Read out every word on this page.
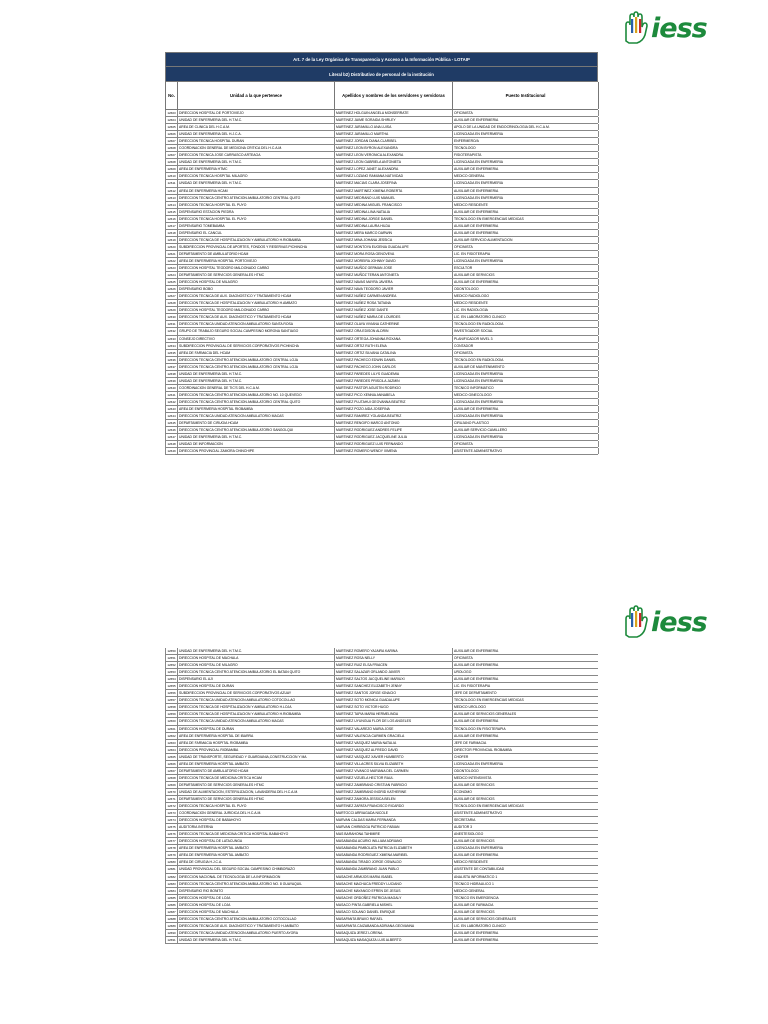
iess
Art. 7 de la Ley Orgánica de Transparencia y Acceso a la Información Pública - LOTAIP
Literal b2) Distributivo de personal de la institución
No.	Unidad a la que pertenece	Apellidos y nombres de los servidores y servidoras	Puesto Institucional
12603 DIRECCION HOSPITAL DE PORTOVIEJO	MARTINEZ HOLGUIN ANGELA MONSERRATE	OFICINISTA
12604 UNIDAD DE ENFERMERIA DEL H.T.M.C.	MARTINEZ JAIME SORAIDA SHIRLEY	AUXILIAR DE ENFERMERIA
12605 AREA DE CLINICA DEL H.C.A.M.	MARTINEZ JARAMILLO ANA LUISA	APOLO DE LA UNIDAD DE ENDOCRINOLOGIA DEL H.C.A.M.
12606 UNIDAD DE ENFERMERIA DEL H.J.C.A.	MARTINEZ JARAMILLO MARTHA	LICENCIADA EN ENFERMERIA
12607 DIRECCION TECNICA HOSPITAL DURAN	MARTINEZ JORDAN DIANA CLARIBEL	ENFERMERO/A
12608 COORDINACION GENERAL DE MEDICINA CRITICA DEL H.C.A.M.	MARTINEZ LEON BYRON ALEXANDRA	TECNOLOGO
12607 DIRECCION TECNICA JOSE CARRASCO ARTEAGA	MARTINEZ LEON VERONICA ALEXANDRA	FISIOTERAPISTA
12608 UNIDAD DE ENFERMERIA DEL H.T.M.C.	MARTINEZ LEON GABRIELA ANTONIETA	LICENCIADA EN ENFERMERIA
12609 AREA DE ENFERMERIA HTMC	MARTINEZ LOPEZ JANET ALEXANDRA	AUXILIAR DE ENFERMERIA
12610 DIRECCION TECNICA HOSPITAL MILAGRO	MARTINEZ LOZANO RAMIANA NATIVIDAD	MEDICO GENERAL
12611	UNIDAD DE ENFERMERIA DEL H.T.M.C.	MARTINEZ MACIAS CLARA JOSEFINA	LICENCIADA EN ENFERMERIA
12612 AREA DE ENFERMERIA HCAM	MARTINEZ MARTINEZ XIMENA ROBERTA	AUXILIAR DE ENFERMERIA
12613 DIRECCION TECNICA CENTRO ATENCION AMBULATORIO CENTRAL QUITO	MARTINEZ MEDRANO LUIS MANUEL	LICENCIADA EN ENFERMERIA
12614 DIRECCION TECNICA HOSPITAL EL PUYO	MARTINEZ MEDINA MIGUEL FRANCISCO	MEDICO RESIDENTE
12615 DISPENSARIO ESTACION PIEDRA	MARTINEZ MEDINA LINA NATALIA	AUXILIAR DE ENFERMERIA
12616 DIRECCION TECNICA HOSPITAL EL PUYO	MARTINEZ MEDINA JORGE DANIEL	TECNOLOGO EN EMERGENCIAS MEDICAS
12617 DISPENSARIO TOMEBAMBA	MARTINEZ MEDINA LAURA HILDA	AUXILIAR DE ENFERMERIA
12618 DISPENSARIO EL CANCUL	MARTINEZ MERA MARCO DARWIN	AUXILIAR DE ENFERMERIA
12619 DIRECCION TECNICA DE HOSPITALIZACION Y AMBULATORIO H.RIOBAMBA	MARTINEZ MINA JOHANA JESSICA	AUXILIAR SERVICIO ALIMENTACION
12620 SUBDIRECCION PROVINCIAL DE APORTES, FONDOS Y RESERVAS PICHINCHA	MARTINEZ MONTOYA EUGENIA GUADALUPE	OFICINISTA
12621 DEPARTAMENTO DE AMBULATORIO HCAM	MARTINEZ MORA ROSA GENOVEVA	LIC. EN FISIOTERAPIA
12622 AREA DE ENFERMERIA HOSPITAL PORTOVIEJO	MARTINEZ MOREIRA JOHNNY DAVID	LICENCIADA EN ENFERMERIA
12623 DIRECCION HOSPITAL TEODORO MALDONADO CARBO	MARTINEZ MUÑOZ GERMAN JOSE	ESCULTOR
12624 DEPARTAMENTO DE SERVICIOS GENERALES HTMC	MARTINEZ MUÑOZ TERAN ANTONIETA	AUXILIAR DE SERVICIOS
12625 DIRECCION HOSPITAL DE MILAGRO	MARTINEZ NAVAS MAYRA JAVIERA	AUXILIAR DE ENFERMERIA
12626 DISPENSARIO BOBO	MARTINEZ NAVA TEODORO JAVIER	ODONTOLOGO
12627 DIRECCION TECNICA DE AUX. DIAGNOSTICO Y TRATAMIENTO HCAM	MARTINEZ NUÑEZ CARMEN ANDREA	MEDICO RADIOLOGO
12628 DIRECCION TECNICA DE HOSPITALIZACION Y AMBULATORIO H.AMBATO	MARTINEZ NUÑEZ ROSA TATIANA	MEDICO RESIDENTE
12629 DIRECCION HOSPITAL TEODORO MALDONADO CARBO	MARTINEZ NUÑEZ JOSE DANTE	LIC. EN RADIOLOGIA
12630 DIRECCION TECNICA DE AUX. DIAGNOSTICO Y TRATAMIENTO HCAM	MARTINEZ NUÑEZ MARIA DE LOURDES	LIC. EN LABORATORIO CLINICO
12631 DIRECCION TECNICA UNIDAD ATENCION AMBULATORIO SANTA ROSA	MARTINEZ OLAYA VIVIANA CATHERINE	TECNOLOGO EN RADIOLOGIA
12632 GRUPO DE TRABAJO SEGURO SOCIAL CAMPESINO MORONA SANTIAGO	MARTINEZ ORA EDISON ALDRIN	INVESTIGADOR SOCIAL
12633 CONSEJO DIRECTIVO	MARTINEZ ORTEGA JOHANNA ROXANA	PLANIFICADOR NIVEL 3
12634 SUBDIRECCION PROVINCIAL DE SERVICIOS CORPORATIVOS PICHINCHA	MARTINEZ ORTIZ RUTH ELENA	CONTADOR
12635 AREA DE FARMACIA DEL HCAM	MARTINEZ ORTIZ SILVANA CATALINA	OFICINISTA
12636 DIRECCION TECNICA CENTRO ATENCION AMBULATORIO CENTRAL LOJA	MARTINEZ PACHECO EDWIN DANIEL	TECNOLOGO EN RADIOLOGIA
12637 DIRECCION TECNICA CENTRO ATENCION AMBULATORIO CENTRAL LOJA	MARTINEZ PACHECO JOHN CARLOS	AUXILIAR DE MANTENIMIENTO
12638 UNIDAD DE ENFERMERIA DEL H.T.M.C.	MARTINEZ PAREDES LILYS GUADEMIA	LICENCIADA EN ENFERMERIA
12639 UNIDAD DE ENFERMERIA DEL H.T.M.C.	MARTINEZ PAREDES PRISCILA JAZMIN	LICENCIADA EN ENFERMERIA
12640 COORDINACION GENERAL DE TIC'S DEL H.C.A.M.	MARTINEZ PASTOR AGUSTIN RODRIGO	TECNICO INFORMATICO
12641 DIRECCION TECNICA CENTRO ATENCION AMBULATORIO NO. 10 QUEVEDO	MARTINEZ PICO XENNIA ANNABELA	MEDICO GINECOLOGO
12642 DIRECCION TECNICA CENTRO ATENCION AMBULATORIO CENTRAL QUITO	MARTINEZ PLUTAHUI GEOVANNA BEATRIZ	LICENCIADA EN ENFERMERIA
12643 AREA DE ENFERMERIA HOSPITAL RIOBAMBA	MARTINEZ POZO AIDA JOSEFINA	AUXILIAR DE ENFERMERIA
12644 DIRECCION TECNICA UNIDAD ATENCION AMBULATORIO MACAS	MARTINEZ RAMIREZ YOLANDA BEATRIZ	LICENCIADA EN ENFERMERIA
12645 DEPARTAMENTO DE CIRUGIA HCAM	MARTINEZ RENGIFO MARCO ANTONIO	CIRUJANO PLASTICO
12646 DIRECCION TECNICA CENTRO ATENCION AMBULATORIO SANGOLQUI	MARTINEZ RODRIGUEZ ANDRES FELIPE	AUXILIAR SERVICIO CAMILLERO
12647 UNIDAD DE ENFERMERIA DEL H.T.M.C.	MARTINEZ RODRIGUEZ JACQUELINE JULIA	LICENCIADA EN ENFERMERIA
12648 UNIDAD DE INFORMACION	MARTINEZ RODRIGUEZ LUIS FERNANDO	OFICINISTA
12649 DIRECCION PROVINCIAL ZAMORA CHINCHIPE	MARTINEZ ROMERO WENDY XIMENA	ASISTENTE ADMINISTRATIVO
iess
12650 UNIDAD DE ENFERMERIA DEL H.T.M.C.	MARTINEZ ROMERO YAJAIRA KARINA	AUXILIAR DE ENFERMERIA
12651 DIRECCION HOSPITAL DE MACHALA	MARTINEZ ROSA NELLY	OFICINISTA
12652 DIRECCION HOSPITAL DE MILAGRO	MARTINEZ RUIZ ELSA FRIACEN	AUXILIAR DE ENFERMERIA
12653 DIRECCION TECNICA CENTRO ATENCION AMBULATORIO EL BATAN QUITO	MARTINEZ SALAZAR ORLANDO JAVIER	UROLOGO
12654 DISPENSARIO EL AJI	MARTINEZ SALTOS JACQUELINE MARIUXI	AUXILIAR DE ENFERMERIA
12655 DIRECCION HOSPITAL DE DURAN	MARTINEZ SANCHEZ ELIZABETH JENNY	LIC. EN FISIOTERAPIA
12656 SUBDIRECCION PROVINCIAL DE SERVICIOS CORPORATIVOS AZUAY	MARTINEZ SANTOS JORGE IGNACIO	JEFE DE DEPARTAMENTO
12657 DIRECCION TECNICA UNIDAD ATENCION AMBULATORIO COTOCOLLAO	MARTINEZ SOTO MONICA GUADALUPE	TECNOLOGO EN EMERGENCIAS MEDICAS
12658 DIRECCION TECNICA DE HOSPITALIZACION Y AMBULATORIO H.LOJA	MARTINEZ SOTO VICTOR HUGO	MEDICO UROLOGO
12659 DIRECCION TECNICA DE HOSPITALIZACION Y AMBULATORIO H.RIOBAMBA	MARTINEZ TAPIA MARIA HERMELINDA	AUXILIAR DE SERVICIOS GENERALES
12660 DIRECCION TECNICA UNIDAD ATENCION AMBULATORIO MACAS	MARTINEZ UYUNGUA FLOR DE LOS ANGELES	AUXILIAR DE ENFERMERIA
12661 DIRECCION HOSPITAL DE DURAN	MARTINEZ VALAREZO MARIA JOSE	TECNOLOGO EN FISIOTERAPIA
12662 AREA DE ENFERMERIA HOSPITAL DE IBARRA	MARTINEZ VALENCIA CARMEN GRACIELA	AUXILIAR DE ENFERMERIA
12663 AREA DE FARMACIA HOSPITAL RIOBAMBA	MARTINEZ VASQUEZ MARIA NATALIA	JEFE DE FARMACIA
12664 DIRECCION PROVINCIAL RIOBAMBA	MARTINEZ VASQUEZ ALFREDO DAVID	DIRECTOR PROVINCIAL RIOBAMBA
12665 UNIDAD DE TRANSPORTE, SEGURIDAD Y GUARDIANIA,CONSTRUCCION Y MA	MARTINEZ VASQUEZ XAVIER HUMBERTO	CHOFER
12666 AREA DE ENFERMERIA HOSPITAL AMBATO	MARTINEZ VILLACRES SILVIA ELIZABETH	LICENCIADA EN ENFERMERIA
12667 DEPARTAMENTO DE AMBULATORIO HCAM	MARTINEZ VIVANCO MARIANA DEL CARMEN	ODONTOLOGO
12668 DIRECCION TECNICA DE MEDICINA CRITICA HCAM	MARTINEZ VIZUELA HECTOR RAUL	MEDICO INTENSIVISTA
12669 DEPARTAMENTO DE SERVICIOS GENERALES HTMC	MARTINEZ ZAMBRANO CRISTIAN FABRICIO	AUXILIAR DE SERVICIOS
12670 UNIDAD DE ALIMENTACION, ESTERILIZACION, LAVANDERIA DEL H.C.A.M.	MARTINEZ ZAMBRANO INGRID KATHERINE	ECONOMO
12671 DEPARTAMENTO DE SERVICIOS GENERALES HTMC	MARTINEZ ZAMORA JESSICA BELEN	AUXILIAR DE SERVICIOS
12672 DIRECCION TECNICA HOSPITAL EL PUYO	MARTINEZ ZAPATA FRANCISCO RICARDO	TECNOLOGO EN EMERGENCIAS MEDICAS
12673 COORDINACION GENERAL JURIDICA DEL H.C.A.M.	MARTOCCI ARRIAGADA NICOLE	ASISTENTE ADMINISTRATIVO
12674 DIRECCION HOSPITAL DE BABAHOYO	MARVAN CALDAS MARIA FERNANDA	SECRETARIA
12675 AUDITORIA INTERNA	MARVAN CHIRIBOGA PATRICIO FABIAN	AUDITOR 3
12676 DIRECCION TECNICA DE MEDICINA CRITICA HOSPITAL BABAHOYO	MAS BARAHONA TAHIMIRE	ANESTESIOLOGO
12677 DIRECCION HOSPITAL DE LATACUNGA	MASABANDA ACURIO WILLIAM ADRIANO	AUXILIAR DE SERVICIOS
12678 AREA DE ENFERMERIA HOSPITAL AMBATO	MASABANDA PIMBOLATA PATRICIA ELIZABETH	LICENCIADA EN ENFERMERIA
12679 AREA DE ENFERMERIA HOSPITAL AMBATO	MASABANDA RODRIGUEZ XIMENA MARIBEL	AUXILIAR DE ENFERMERIA
12680 AREA DE CIRUGIA H.J.C.A.	MASABANDA TIRADO JORGE OSWALDO	MEDICO RESIDENTE
12681 UNIDAD PROVINCIAL DEL SEGURO SOCIAL CAMPESINO CHIMBORAZO	MASABANDA ZAMBRANO JUAN PABLO	ASISTENTE DE CONTABILIDAD
12682 DIRECCION NACIONAL DE TECNOLOGIA DE LA INFORMACION	MASACHE ARMIJOS MARIA ISABEL	ANALISTA INFORMATICO 1
12683 DIRECCION TECNICA CENTRO ATENCION AMBULATORIO NO. 8 GUAYAQUIL	MASACHE MACHUCA FREDDY LUCIANO	TECNICO HIDRAULICO 1
12684 DISPENSARIO RIO BONITO	MASACHE MAYANGO EFREN DE JESUS	MEDICO GENERAL
12685 DIRECCION HOSPITAL DE LOJA	MASACHE ORDOÑEZ PATRICIA MAGALY	TECNICO EN EMERGENCIA
12686 DIRECCION HOSPITAL DE LOJA	MASACO PINTA GABRIELA MISHEL	AUXILIAR DE FARMACIA
12687 DIRECCION HOSPITAL DE MACHALA	MASACO SOLANO DANIEL ENRIQUE	AUXILIAR DE SERVICIOS
12688 DIRECCION TECNICA CENTRO ATENCION AMBULATORIO COTOCOLLAO	MASAPANTA BRAVO RAFAEL	AUXILIAR DE SERVICIOS GENERALES
12689 DIRECCION TECNICA DE AUX. DIAGNOSTICO Y TRATAMIENTO H.AMBATO	MASAPANTA CAIZABANDA ADRIANA GEOVANNA	LIC. EN LABORATORIO CLINICO
12690 DIRECCION TECNICA UNIDAD ATENCION AMBULATORIO PUERTO AYORA	MASAQUIZA JEREZ LORENA	AUXILIAR DE ENFERMERIA
12691 UNIDAD DE ENFERMERIA DEL H.T.M.C.	MASAQUIZA MASAQUIZA LUIS ALBERTO	AUXILIAR DE ENFERMERIA
